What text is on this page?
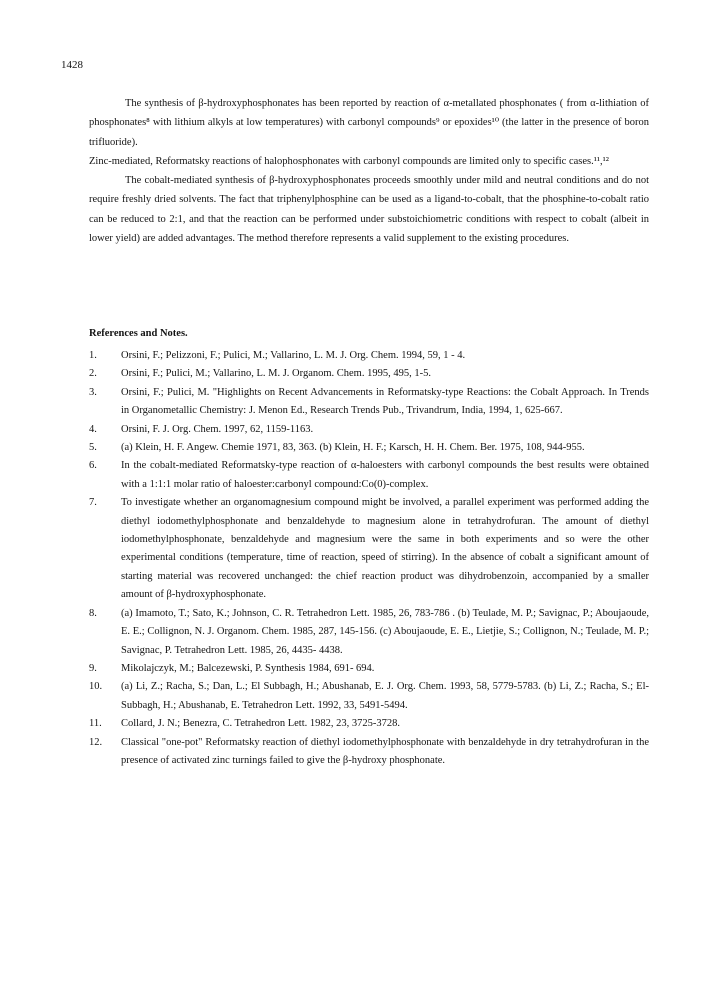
1428

The synthesis of β-hydroxyphosphonates has been reported by reaction of α-metallated phosphonates ( from α-lithiation of phosphonates⁸ with lithium alkyls at low temperatures) with carbonyl compounds⁹ or epoxides¹⁰ (the latter in the presence of boron trifluoride).

Zinc-mediated, Reformatsky reactions of halophosphonates with carbonyl compounds are limited only to specific cases.¹¹,¹²

The cobalt-mediated synthesis of β-hydroxyphosphonates proceeds smoothly under mild and neutral conditions and do not require freshly dried solvents. The fact that triphenylphosphine can be used as a ligand-to-cobalt, that the phosphine-to-cobalt ratio can be reduced to 2:1, and that the reaction can be performed under substoichiometric conditions with respect to cobalt (albeit in lower yield) are added advantages. The method therefore represents a valid supplement to the existing procedures.

References and Notes.
1. Orsini, F.; Pelizzoni, F.; Pulici, M.; Vallarino, L. M. J. Org. Chem. 1994, 59, 1 - 4.
2. Orsini, F.; Pulici, M.; Vallarino, L. M. J. Organom. Chem. 1995, 495, 1-5.
3. Orsini, F.; Pulici, M. "Highlights on Recent Advancements in Reformatsky-type Reactions: the Cobalt Approach. In Trends in Organometallic Chemistry: J. Menon Ed., Research Trends Pub., Trivandrum, India, 1994, 1, 625-667.
4. Orsini, F. J. Org. Chem. 1997, 62, 1159-1163.
5. (a) Klein, H. F. Angew. Chemie 1971, 83, 363. (b) Klein, H. F.; Karsch, H. H. Chem. Ber. 1975, 108, 944-955.
6. In the cobalt-mediated Reformatsky-type reaction of α-haloesters with carbonyl compounds the best results were obtained with a 1:1:1 molar ratio of haloester:carbonyl compound:Co(0)-complex.
7. To investigate whether an organomagnesium compound might be involved, a parallel experiment was performed adding the diethyl iodomethylphosphonate and benzaldehyde to magnesium alone in tetrahydrofuran. The amount of diethyl iodomethylphosphonate, benzaldehyde and magnesium were the same in both experiments and so were the other experimental conditions (temperature, time of reaction, speed of stirring). In the absence of cobalt a significant amount of starting material was recovered unchanged: the chief reaction product was dihydrobenzoin, accompanied by a smaller amount of β-hydroxyphosphonate.
8. (a) Imamoto, T.; Sato, K.; Johnson, C. R. Tetrahedron Lett. 1985, 26, 783-786 . (b) Teulade, M. P.; Savignac, P.; Aboujaoude, E. E.; Collignon, N. J. Organom. Chem. 1985, 287, 145-156. (c) Aboujaoude, E. E., Lietjie, S.; Collignon, N.; Teulade, M. P.; Savignac, P. Tetrahedron Lett. 1985, 26, 4435- 4438.
9. Mikolajczyk, M.; Balcezewski, P. Synthesis 1984, 691- 694.
10. (a) Li, Z.; Racha, S.; Dan, L.; El Subbagh, H.; Abushanab, E. J. Org. Chem. 1993, 58, 5779-5783. (b) Li, Z.; Racha, S.; El-Subbagh, H.; Abushanab, E. Tetrahedron Lett. 1992, 33, 5491-5494.
11. Collard, J. N.; Benezra, C. Tetrahedron Lett. 1982, 23, 3725-3728.
12. Classical "one-pot" Reformatsky reaction of diethyl iodomethylphosphonate with benzaldehyde in dry tetrahydrofuran in the presence of activated zinc turnings failed to give the β-hydroxy phosphonate.
